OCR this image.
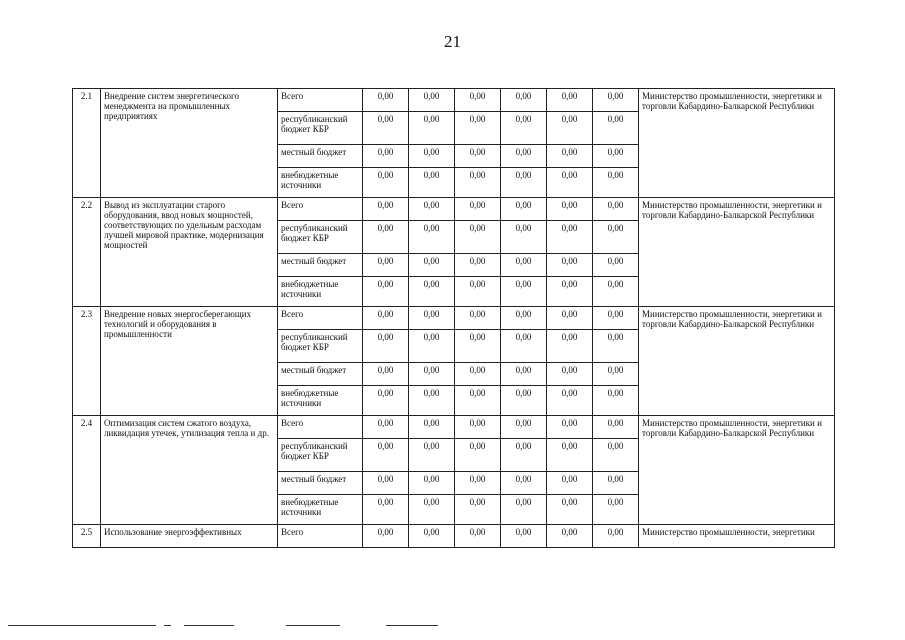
21
2.1	Внедрение систем энергетического менеджмента на промышленных предприятиях	Всего	0,00	0,00	0,00	0,00	0,00	0,00	Министерство промышленности, энергетики и торговли Кабардино-Балкарской Республики
		республиканский бюджет КБР	0,00	0,00	0,00	0,00	0,00	0,00	
		местный бюджет	0,00	0,00	0,00	0,00	0,00	0,00	
		внебюджетные источники	0,00	0,00	0,00	0,00	0,00	0,00	
2.2	Вывод из эксплуатации старого оборудования, ввод новых мощностей, соответствующих по удельным расходам лучшей мировой практике, модернизация мощностей	Всего	0,00	0,00	0,00	0,00	0,00	0,00	Министерство промышленности, энергетики и торговли Кабардино-Балкарской Республики
		республиканский бюджет КБР	0,00	0,00	0,00	0,00	0,00	0,00	
		местный бюджет	0,00	0,00	0,00	0,00	0,00	0,00	
		внебюджетные источники	0,00	0,00	0,00	0,00	0,00	0,00	
2.3	Внедрение новых энергосберегающих технологий и оборудования в промышленности	Всего	0,00	0,00	0,00	0,00	0,00	0,00	Министерство промышленности, энергетики и торговли Кабардино-Балкарской Республики
		республиканский бюджет КБР	0,00	0,00	0,00	0,00	0,00	0,00	
		местный бюджет	0,00	0,00	0,00	0,00	0,00	0,00	
		внебюджетные источники	0,00	0,00	0,00	0,00	0,00	0,00	
2.4	Оптимизация систем сжатого воздуха, ликвидация утечек, утилизация тепла и др.	Всего	0,00	0,00	0,00	0,00	0,00	0,00	Министерство промышленности, энергетики и торговли Кабардино-Балкарской Республики
		республиканский бюджет КБР	0,00	0,00	0,00	0,00	0,00	0,00	
		местный бюджет	0,00	0,00	0,00	0,00	0,00	0,00	
		внебюджетные источники	0,00	0,00	0,00	0,00	0,00	0,00	
2.5	Использование энергоэффективных	Всего	0,00	0,00	0,00	0,00	0,00	0,00	Министерство промышленности, энергетики
